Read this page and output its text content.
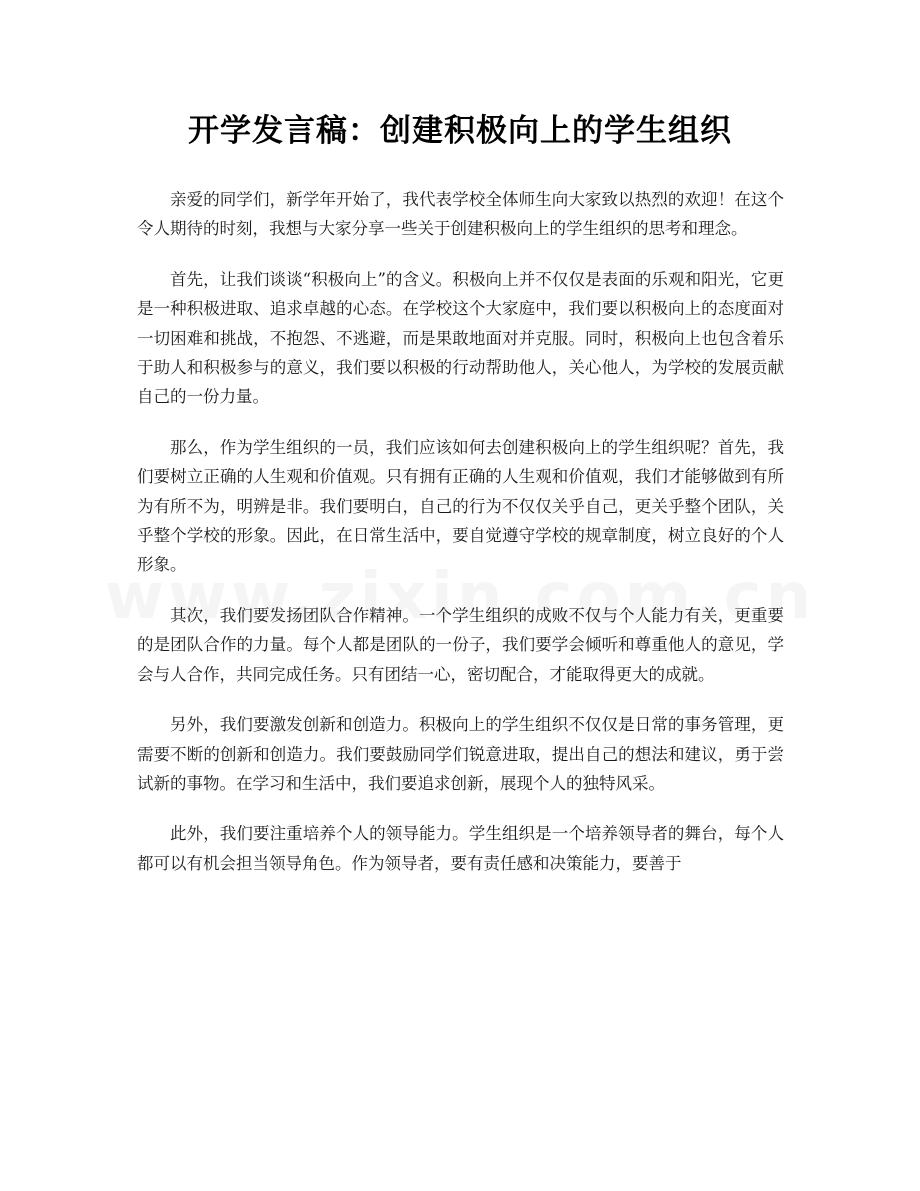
开学发言稿：创建积极向上的学生组织

亲爱的同学们，新学年开始了，我代表学校全体师生向大家致以热烈的欢迎！在这个令人期待的时刻，我想与大家分享一些关于创建积极向上的学生组织的思考和理念。

首先，让我们谈谈“积极向上”的含义。积极向上并不仅仅是表面的乐观和阳光，它更是一种积极进取、追求卓越的心态。在学校这个大家庭中，我们要以积极向上的态度面对一切困难和挑战，不抱怨、不逃避，而是果敢地面对并克服。同时，积极向上也包含着乐于助人和积极参与的意义，我们要以积极的行动帮助他人，关心他人，为学校的发展贡献自己的一份力量。

那么，作为学生组织的一员，我们应该如何去创建积极向上的学生组织呢？首先，我们要树立正确的人生观和价值观。只有拥有正确的人生观和价值观，我们才能够做到有所为有所不为，明辨是非。我们要明白，自己的行为不仅仅关乎自己，更关乎整个团队，关乎整个学校的形象。因此，在日常生活中，要自觉遵守学校的规章制度，树立良好的个人形象。

其次，我们要发扬团队合作精神。一个学生组织的成败不仅与个人能力有关，更重要的是团队合作的力量。每个人都是团队的一份子，我们要学会倾听和尊重他人的意见，学会与人合作，共同完成任务。只有团结一心，密切配合，才能取得更大的成就。

另外，我们要激发创新和创造力。积极向上的学生组织不仅仅是日常的事务管理，更需要不断的创新和创造力。我们要鼓励同学们锐意进取，提出自己的想法和建议，勇于尝试新的事物。在学习和生活中，我们要追求创新，展现个人的独特风采。

此外，我们要注重培养个人的领导能力。学生组织是一个培养领导者的舞台，每个人都可以有机会担当领导角色。作为领导者，要有责任感和决策能力，要善于
